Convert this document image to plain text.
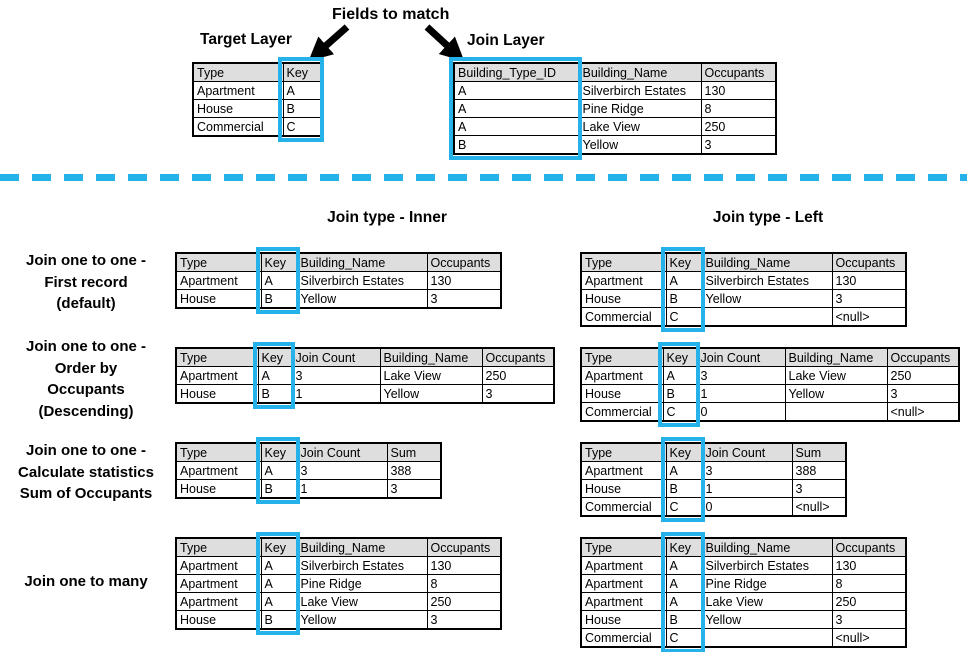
Fields to match
Target Layer	Join Layer
Join type - Inner	Join type - Left
Join one to one -
First record
(default)
Join one to one -
Order by
Occupants
(Descending)
Join one to one -
Calculate statistics
Sum of Occupants
Join one to many
Type	Key
Apartment	A
House	B
Commercial	C
Building_Type_ID	Building_Name	Occupants
A	Silverbirch Estates	130
A	Pine Ridge	8
A	Lake View	250
B	Yellow	3
Type	Key	Building_Name	Occupants
Apartment	A	Silverbirch Estates	130
House	B	Yellow	3
Type	Key	Building_Name	Occupants
Apartment	A	Silverbirch Estates	130
House	B	Yellow	3
Commercial	C		<null>
Type	Key	Join Count	Building_Name	Occupants
Apartment	A	3	Lake View	250
House	B	1	Yellow	3
Type	Key	Join Count	Building_Name	Occupants
Apartment	A	3	Lake View	250
House	B	1	Yellow	3
Commercial	C	0		<null>
Type	Key	Join Count	Sum
Apartment	A	3	388
House	B	1	3
Type	Key	Join Count	Sum
Apartment	A	3	388
House	B	1	3
Commercial	C	0	<null>
Type	Key	Building_Name	Occupants
Apartment	A	Silverbirch Estates	130
Apartment	A	Pine Ridge	8
Apartment	A	Lake View	250
House	B	Yellow	3
Type	Key	Building_Name	Occupants
Apartment	A	Silverbirch Estates	130
Apartment	A	Pine Ridge	8
Apartment	A	Lake View	250
House	B	Yellow	3
Commercial	C		<null>
